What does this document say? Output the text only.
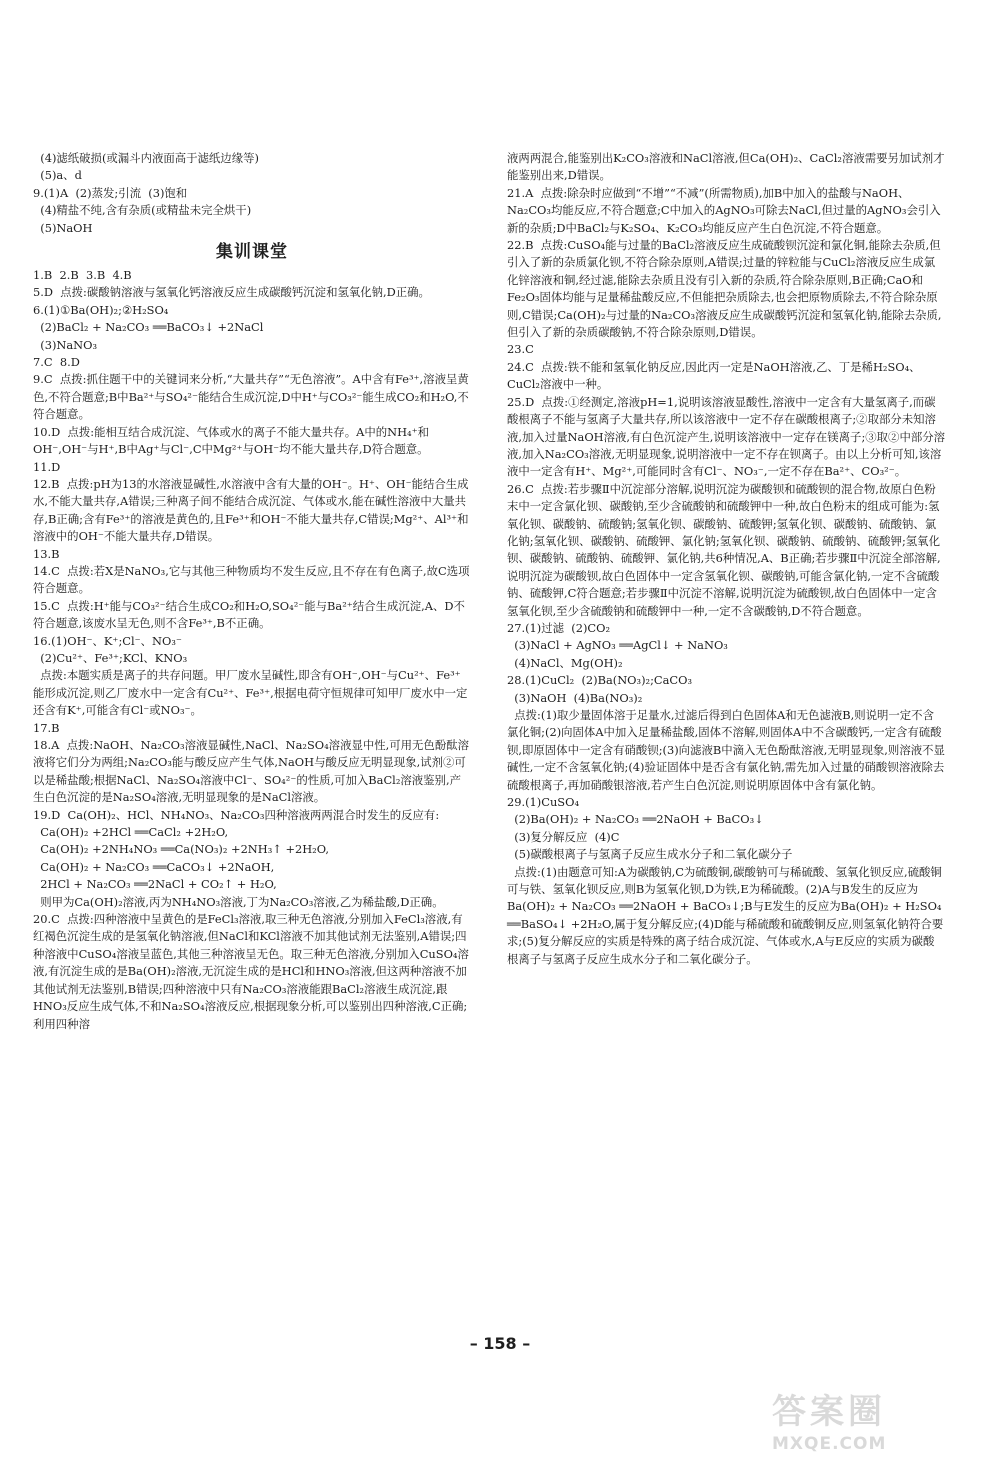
(4)滤纸破损(或漏斗内液面高于滤纸边缘等)

(5)a、d

9.(1)A  (2)蒸发;引流  (3)饱和

(4)精盐不纯,含有杂质(或精盐未完全烘干)

(5)NaOH

集训课堂

1.B  2.B  3.B  4.B

5.D  点拨:碳酸钠溶液与氢氧化钙溶液反应生成碳酸钙沉淀和氢氧化钠,D正确。

6.(1)①Ba(OH)₂;②H₂SO₄

(2)BaCl₂ + Na₂CO₃ ══BaCO₃↓ +2NaCl

(3)NaNO₃

7.C  8.D

9.C  点拨:抓住题干中的关键词来分析,“大量共存”“无色溶液”。A中含有Fe³⁺,溶液呈黄色,不符合题意;B中Ba²⁺与SO₄²⁻能结合生成沉淀,D中H⁺与CO₃²⁻能生成CO₂和H₂O,不符合题意。

10.D  点拨:能相互结合成沉淀、气体或水的离子不能大量共存。A中的NH₄⁺和OH⁻,OH⁻与H⁺,B中Ag⁺与Cl⁻,C中Mg²⁺与OH⁻均不能大量共存,D符合题意。

11.D

12.B  点拨:pH为13的水溶液显碱性,水溶液中含有大量的OH⁻。H⁺、OH⁻能结合生成水,不能大量共存,A错误;三种离子间不能结合成沉淀、气体或水,能在碱性溶液中大量共存,B正确;含有Fe³⁺的溶液是黄色的,且Fe³⁺和OH⁻不能大量共存,C错误;Mg²⁺、Al³⁺和溶液中的OH⁻不能大量共存,D错误。

13.B

14.C  点拨:若X是NaNO₃,它与其他三种物质均不发生反应,且不存在有色离子,故C选项符合题意。

15.C  点拨:H⁺能与CO₃²⁻结合生成CO₂和H₂O,SO₄²⁻能与Ba²⁺结合生成沉淀,A、D不符合题意,该废水呈无色,则不含Fe³⁺,B不正确。

16.(1)OH⁻、K⁺;Cl⁻、NO₃⁻

(2)Cu²⁺、Fe³⁺;KCl、KNO₃

点拨:本题实质是离子的共存问题。甲厂废水呈碱性,即含有OH⁻,OH⁻与Cu²⁺、Fe³⁺能形成沉淀,则乙厂废水中一定含有Cu²⁺、Fe³⁺,根据电荷守恒规律可知甲厂废水中一定还含有K⁺,可能含有Cl⁻或NO₃⁻。

17.B

18.A  点拨:NaOH、Na₂CO₃溶液显碱性,NaCl、Na₂SO₄溶液显中性,可用无色酚酞溶液将它们分为两组;Na₂CO₃能与酸反应产生气体,NaOH与酸反应无明显现象,试剂②可以是稀盐酸;根据NaCl、Na₂SO₄溶液中Cl⁻、SO₄²⁻的性质,可加入BaCl₂溶液鉴别,产生白色沉淀的是Na₂SO₄溶液,无明显现象的是NaCl溶液。

19.D  Ca(OH)₂、HCl、NH₄NO₃、Na₂CO₃四种溶液两两混合时发生的反应有:

Ca(OH)₂ +2HCl ══CaCl₂ +2H₂O,

Ca(OH)₂ +2NH₄NO₃ ══Ca(NO₃)₂ +2NH₃↑ +2H₂O,

Ca(OH)₂ + Na₂CO₃ ══CaCO₃↓ +2NaOH,

2HCl + Na₂CO₃ ══2NaCl + CO₂↑ + H₂O,

则甲为Ca(OH)₂溶液,丙为NH₄NO₃溶液,丁为Na₂CO₃溶液,乙为稀盐酸,D正确。

20.C  点拨:四种溶液中呈黄色的是FeCl₃溶液,取三种无色溶液,分别加入FeCl₃溶液,有红褐色沉淀生成的是氢氧化钠溶液,但NaCl和KCl溶液不加其他试剂无法鉴别,A错误;四种溶液中CuSO₄溶液呈蓝色,其他三种溶液呈无色。取三种无色溶液,分别加入CuSO₄溶液,有沉淀生成的是Ba(OH)₂溶液,无沉淀生成的是HCl和HNO₃溶液,但这两种溶液不加其他试剂无法鉴别,B错误;四种溶液中只有Na₂CO₃溶液能跟BaCl₂溶液生成沉淀,跟HNO₃反应生成气体,不和Na₂SO₄溶液反应,根据现象分析,可以鉴别出四种溶液,C正确;利用四种溶

液两两混合,能鉴别出K₂CO₃溶液和NaCl溶液,但Ca(OH)₂、CaCl₂溶液需要另加试剂才能鉴别出来,D错误。

21.A  点拨:除杂时应做到“不增”“不减”(所需物质),加B中加入的盐酸与NaOH、Na₂CO₃均能反应,不符合题意;C中加入的AgNO₃可除去NaCl,但过量的AgNO₃会引入新的杂质;D中BaCl₂与K₂SO₄、K₂CO₃均能反应产生白色沉淀,不符合题意。

22.B  点拨:CuSO₄能与过量的BaCl₂溶液反应生成硫酸钡沉淀和氯化铜,能除去杂质,但引入了新的杂质氯化钡,不符合除杂原则,A错误;过量的锌粒能与CuCl₂溶液反应生成氯化锌溶液和铜,经过滤,能除去杂质且没有引入新的杂质,符合除杂原则,B正确;CaO和Fe₂O₃固体均能与足量稀盐酸反应,不但能把杂质除去,也会把原物质除去,不符合除杂原则,C错误;Ca(OH)₂与过量的Na₂CO₃溶液反应生成碳酸钙沉淀和氢氧化钠,能除去杂质,但引入了新的杂质碳酸钠,不符合除杂原则,D错误。

23.C

24.C  点拨:铁不能和氢氧化钠反应,因此丙一定是NaOH溶液,乙、丁是稀H₂SO₄、CuCl₂溶液中一种。

25.D  点拨:①经测定,溶液pH=1,说明该溶液显酸性,溶液中一定含有大量氢离子,而碳酸根离子不能与氢离子大量共存,所以该溶液中一定不存在碳酸根离子;②取部分未知溶液,加入过量NaOH溶液,有白色沉淀产生,说明该溶液中一定存在镁离子;③取②中部分溶液,加入Na₂CO₃溶液,无明显现象,说明溶液中一定不存在钡离子。由以上分析可知,该溶液中一定含有H⁺、Mg²⁺,可能同时含有Cl⁻、NO₃⁻,一定不存在Ba²⁺、CO₃²⁻。

26.C  点拨:若步骤Ⅱ中沉淀部分溶解,说明沉淀为碳酸钡和硫酸钡的混合物,故原白色粉末中一定含氯化钡、碳酸钠,至少含硫酸钠和硫酸钾中一种,故白色粉末的组成可能为:氢氧化钡、碳酸钠、硫酸钠;氢氧化钡、碳酸钠、硫酸钾;氢氧化钡、碳酸钠、硫酸钠、氯化钠;氢氧化钡、碳酸钠、硫酸钾、氯化钠;氢氧化钡、碳酸钠、硫酸钠、硫酸钾;氢氧化钡、碳酸钠、硫酸钠、硫酸钾、氯化钠,共6种情况,A、B正确;若步骤Ⅱ中沉淀全部溶解,说明沉淀为碳酸钡,故白色固体中一定含氢氧化钡、碳酸钠,可能含氯化钠,一定不含硫酸钠、硫酸钾,C符合题意;若步骤Ⅱ中沉淀不溶解,说明沉淀为硫酸钡,故白色固体中一定含氢氧化钡,至少含硫酸钠和硫酸钾中一种,一定不含碳酸钠,D不符合题意。

27.(1)过滤  (2)CO₂

(3)NaCl + AgNO₃ ══AgCl↓ + NaNO₃

(4)NaCl、Mg(OH)₂

28.(1)CuCl₂  (2)Ba(NO₃)₂;CaCO₃

(3)NaOH  (4)Ba(NO₃)₂

点拨:(1)取少量固体溶于足量水,过滤后得到白色固体A和无色滤液B,则说明一定不含氯化铜;(2)向固体A中加入足量稀盐酸,固体不溶解,则固体A中不含碳酸钙,一定含有硫酸钡,即原固体中一定含有硝酸钡;(3)向滤液B中滴入无色酚酞溶液,无明显现象,则溶液不显碱性,一定不含氢氧化钠;(4)验证固体中是否含有氯化钠,需先加入过量的硝酸钡溶液除去硫酸根离子,再加硝酸银溶液,若产生白色沉淀,则说明原固体中含有氯化钠。

29.(1)CuSO₄

(2)Ba(OH)₂ + Na₂CO₃ ══2NaOH + BaCO₃↓

(3)复分解反应  (4)C

(5)碳酸根离子与氢离子反应生成水分子和二氧化碳分子

点拨:(1)由题意可知:A为碳酸钠,C为硫酸铜,碳酸钠可与稀硫酸、氢氧化钡反应,硫酸铜可与铁、氢氧化钡反应,则B为氢氧化钡,D为铁,E为稀硫酸。(2)A与B发生的反应为Ba(OH)₂ + Na₂CO₃ ══2NaOH + BaCO₃↓;B与E发生的反应为Ba(OH)₂ + H₂SO₄ ══BaSO₄↓ +2H₂O,属于复分解反应;(4)D能与稀硫酸和硫酸铜反应,则氢氧化钠符合要求;(5)复分解反应的实质是特殊的离子结合成沉淀、气体或水,A与E反应的实质为碳酸根离子与氢离子反应生成水分子和二氧化碳分子。

– 158 –
答案圈
MXQE.COM
